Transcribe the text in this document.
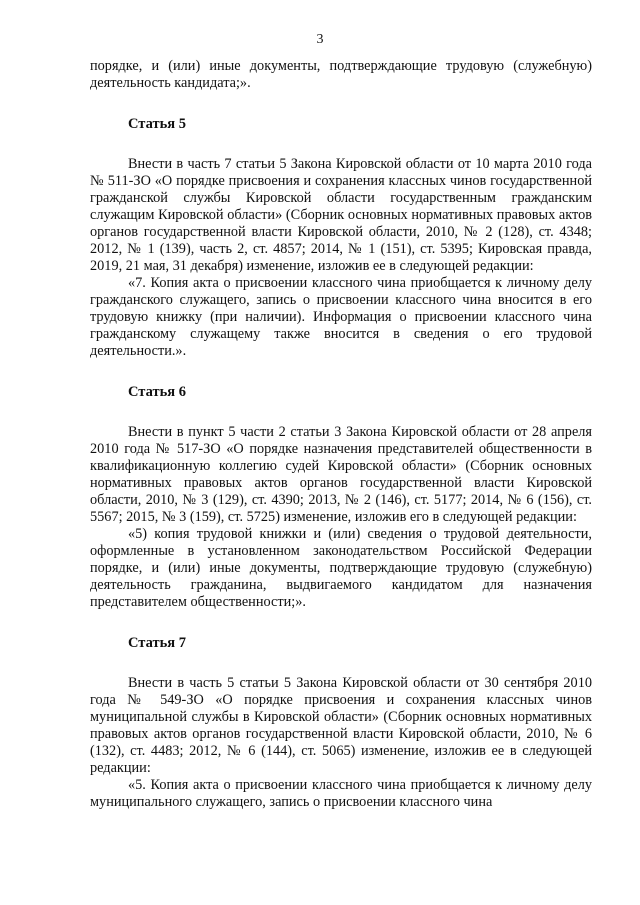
3

порядке, и (или) иные документы, подтверждающие трудовую (служебную) деятельность кандидата;».

Статья 5

Внести в часть 7 статьи 5 Закона Кировской области от 10 марта 2010 года № 511-ЗО «О порядке присвоения и сохранения классных чинов государственной гражданской службы Кировской области государственным гражданским служащим Кировской области» (Сборник основных нормативных правовых актов органов государственной власти Кировской области, 2010, № 2 (128), ст. 4348; 2012, № 1 (139), часть 2, ст. 4857; 2014, № 1 (151), ст. 5395; Кировская правда, 2019, 21 мая, 31 декабря) изменение, изложив ее в следующей редакции:

«7. Копия акта о присвоении классного чина приобщается к личному делу гражданского служащего, запись о присвоении классного чина вносится в его трудовую книжку (при наличии). Информация о присвоении классного чина гражданскому служащему также вносится в сведения о его трудовой деятельности.».

Статья 6

Внести в пункт 5 части 2 статьи 3 Закона Кировской области от 28 апреля 2010 года № 517-ЗО «О порядке назначения представителей общественности в квалификационную коллегию судей Кировской области» (Сборник основных нормативных правовых актов органов государственной власти Кировской области, 2010, № 3 (129), ст. 4390; 2013, № 2 (146), ст. 5177; 2014, № 6 (156), ст. 5567; 2015, № 3 (159), ст. 5725) изменение, изложив его в следующей редакции:

«5) копия трудовой книжки и (или) сведения о трудовой деятельности, оформленные в установленном законодательством Российской Федерации порядке, и (или) иные документы, подтверждающие трудовую (служебную) деятельность гражданина, выдвигаемого кандидатом для назначения представителем общественности;».

Статья 7

Внести в часть 5 статьи 5 Закона Кировской области от 30 сентября 2010 года № 549-ЗО «О порядке присвоения и сохранения классных чинов муниципальной службы в Кировской области» (Сборник основных нормативных правовых актов органов государственной власти Кировской области, 2010, № 6 (132), ст. 4483; 2012, № 6 (144), ст. 5065) изменение, изложив ее в следующей редакции:

«5. Копия акта о присвоении классного чина приобщается к личному делу муниципального служащего, запись о присвоении классного чина
